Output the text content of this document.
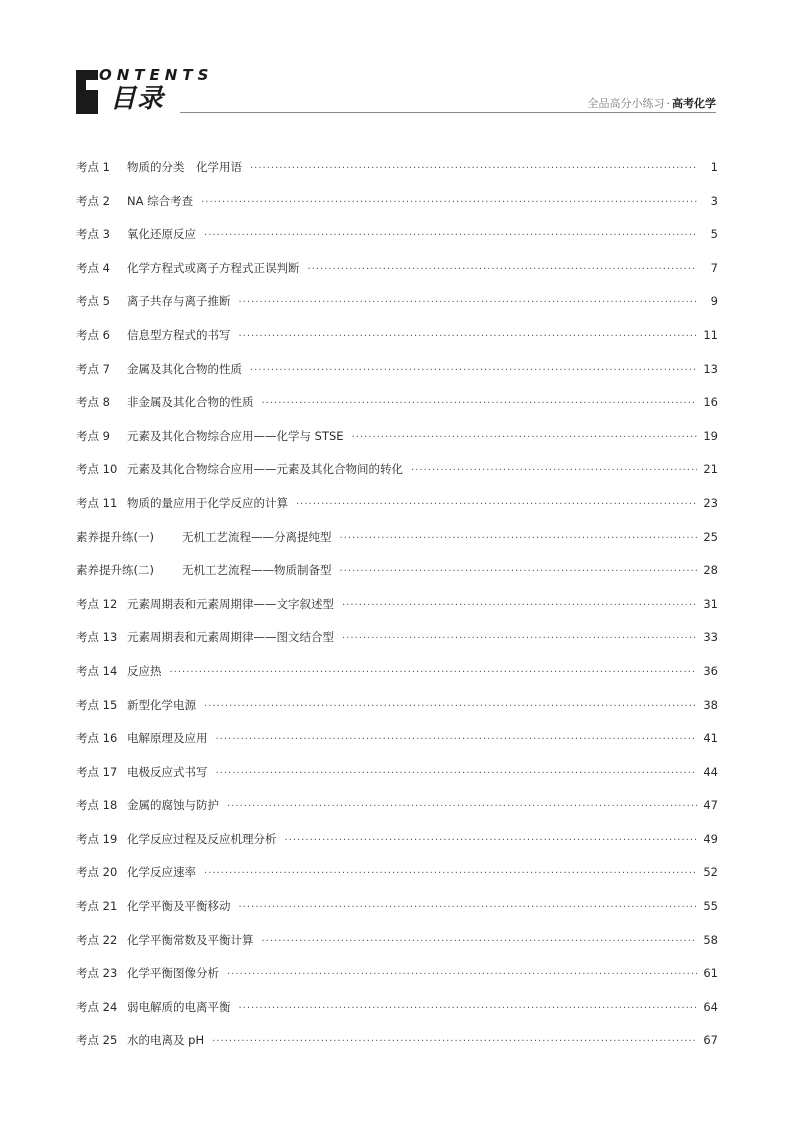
ONTENTS
目录	全品高分小练习 · 高考化学
考点 1	物质的分类　化学用语 ·····	1
考点 2	NA 综合考查 ·····	3
考点 3	氧化还原反应 ·····	5
考点 4	化学方程式或离子方程式正误判断 ·····	7
考点 5	离子共存与离子推断 ·····	9
考点 6	信息型方程式的书写 ·····	11
考点 7	金属及其化合物的性质 ·····	13
考点 8	非金属及其化合物的性质 ·····	16
考点 9	元素及其化合物综合应用——化学与 STSE ·····	19
考点 10 元素及其化合物综合应用——元素及其化合物间的转化 ·····	21
考点 11 物质的量应用于化学反应的计算 ·····	23
素养提升练(一)	无机工艺流程——分离提纯型 ·····	25
素养提升练(二)	无机工艺流程——物质制备型 ·····	28
考点 12 元素周期表和元素周期律——文字叙述型 ·····	31
考点 13 元素周期表和元素周期律——图文结合型 ·····	33
考点 14 反应热 ·····	36
考点 15 新型化学电源 ·····	38
考点 16 电解原理及应用 ·····	41
考点 17 电极反应式书写 ·····	44
考点 18 金属的腐蚀与防护 ·····	47
考点 19 化学反应过程及反应机理分析 ·····	49
考点 20 化学反应速率 ·····	52
考点 21 化学平衡及平衡移动 ·····	55
考点 22 化学平衡常数及平衡计算 ·····	58
考点 23 化学平衡图像分析 ·····	61
考点 24 弱电解质的电离平衡 ·····	64
考点 25 水的电离及 pH ·····	67
